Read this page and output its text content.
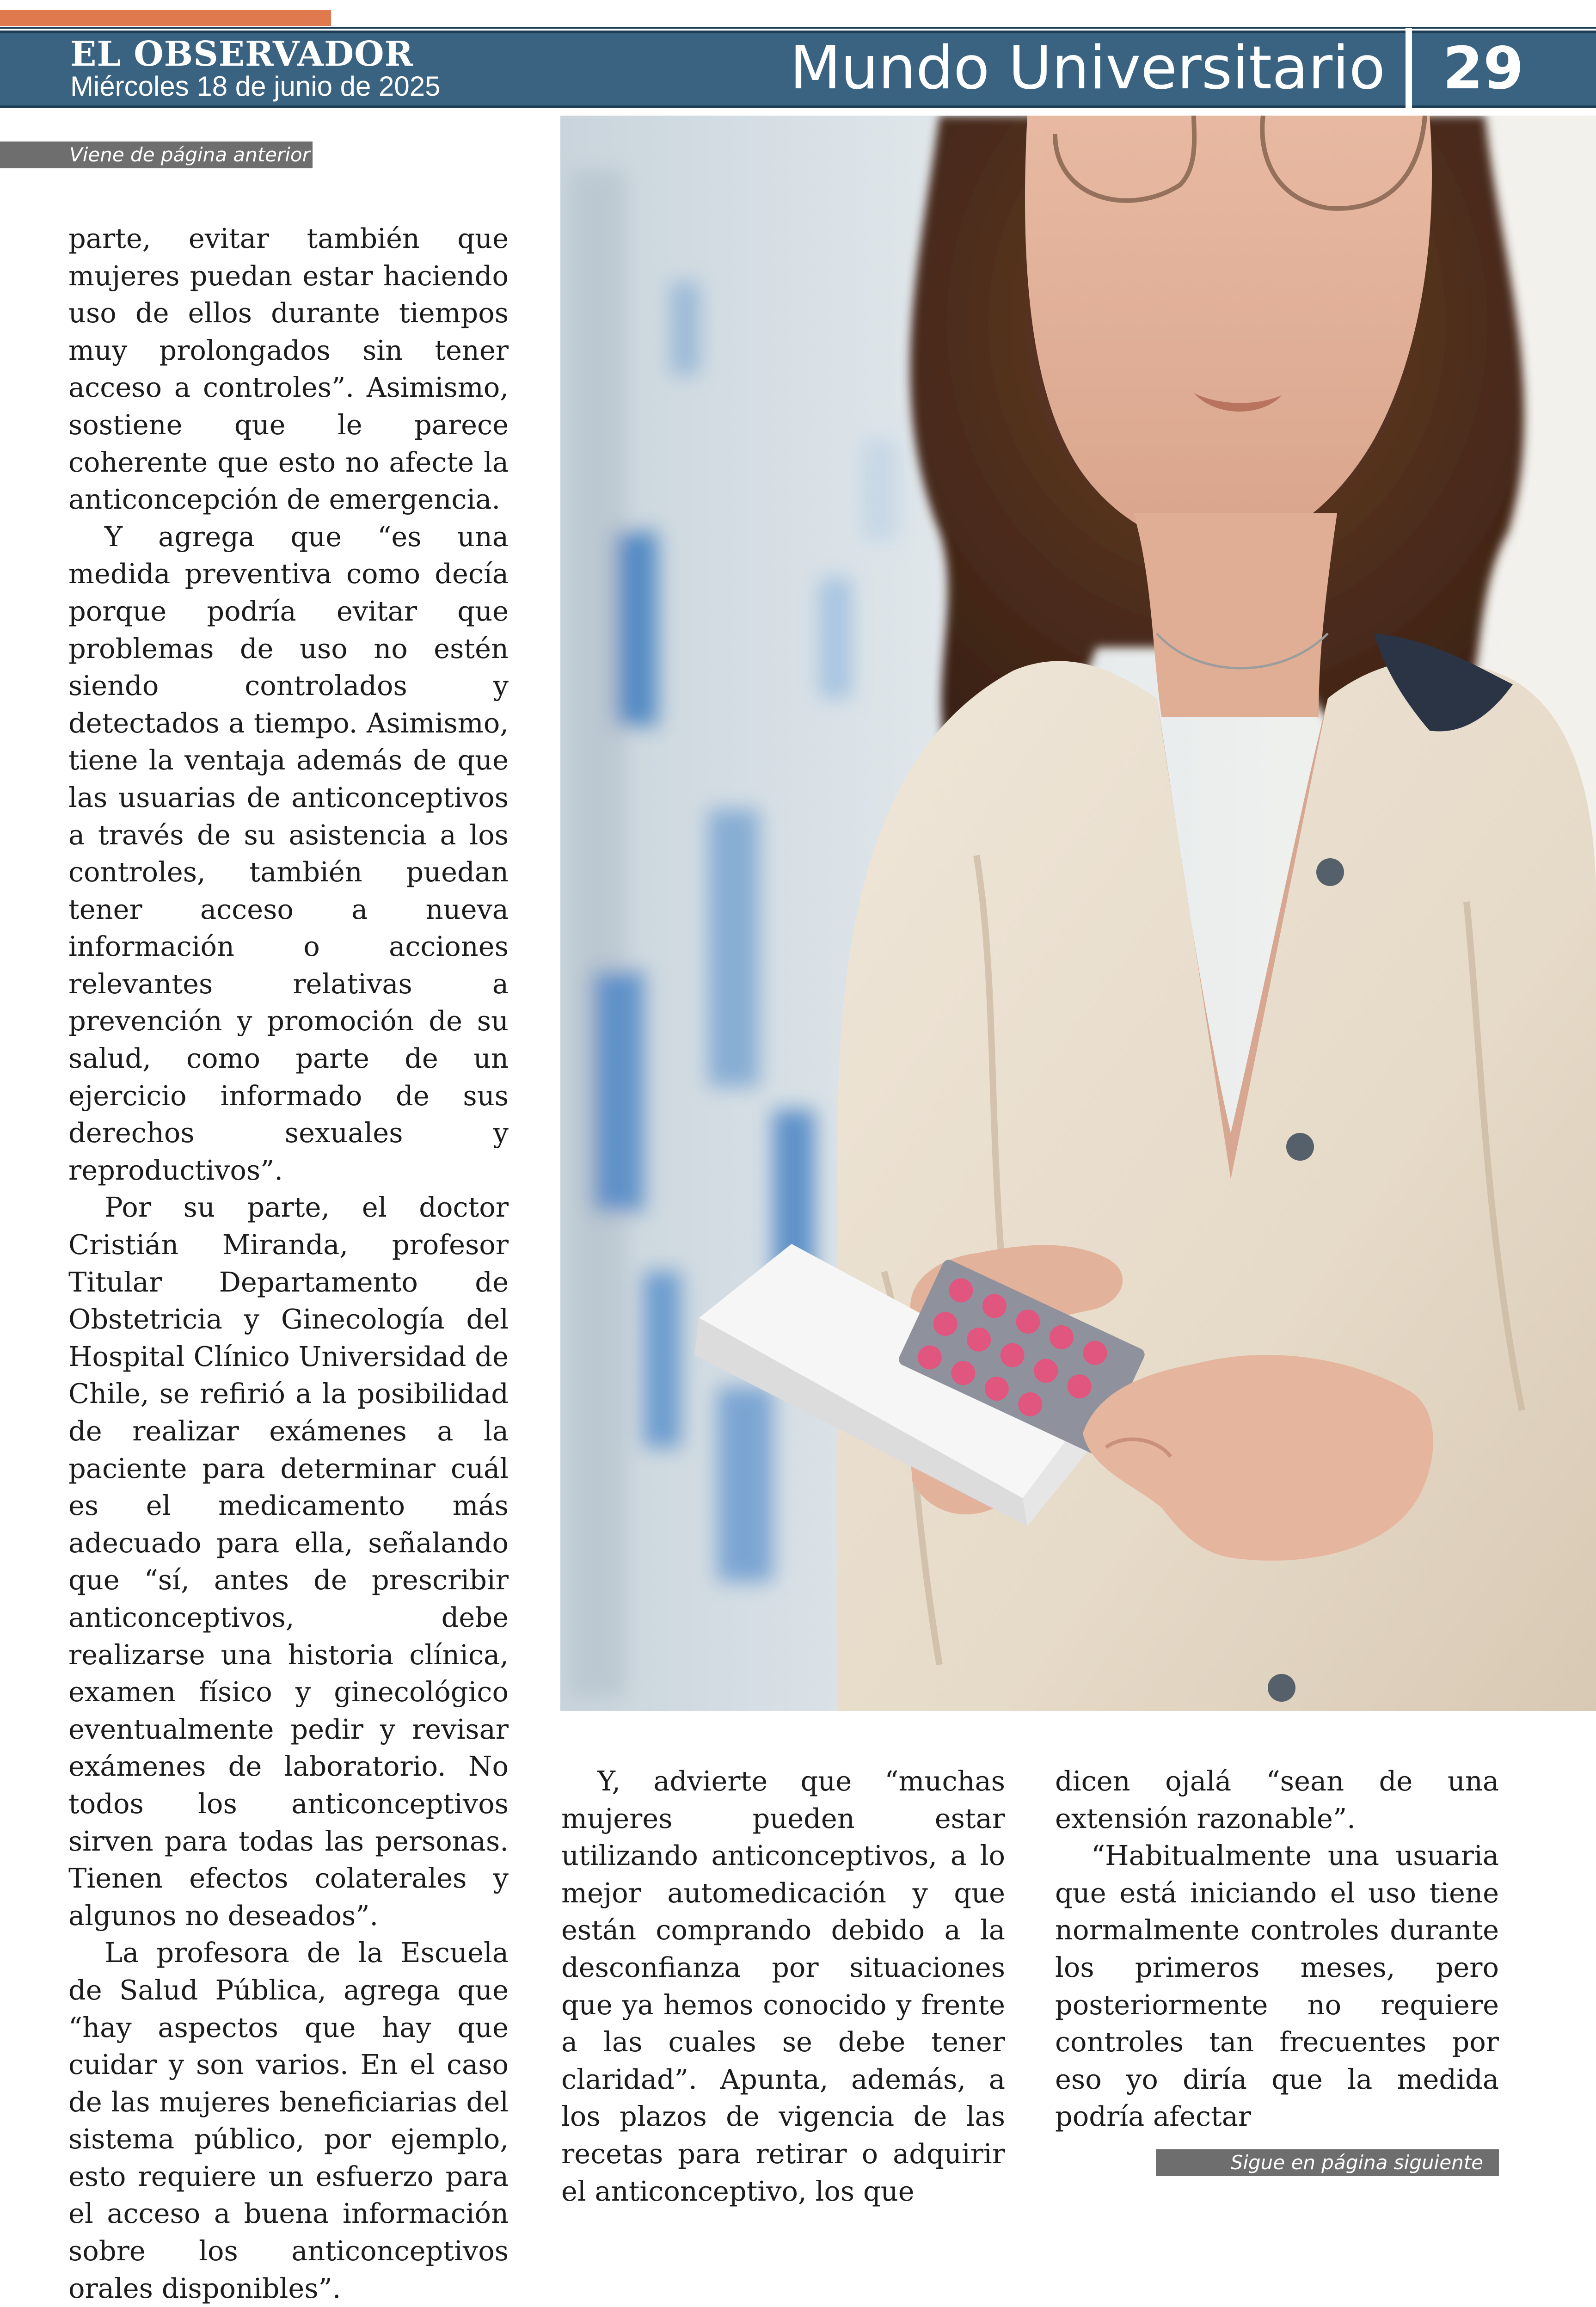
EL OBSERVADOR
Miércoles 18 de junio de 2025	Mundo Universitario 29
Viene de página anterior
Sigue en página siguiente

parte, evitar también que mujeres puedan estar haciendo uso de ellos durante tiempos muy prolongados sin tener acceso a controles”. Asimismo, sostiene que le parece coherente que esto no afecte la anticoncepción de emergencia.

Y agrega que “es una medida preventiva como decía porque podría evitar que problemas de uso no estén siendo controlados y detectados a tiempo. Asimismo, tiene la ventaja además de que las usuarias de anticonceptivos a través de su asistencia a los controles, también puedan tener acceso a nueva información o acciones relevantes relativas a prevención y promoción de su salud, como parte de un ejercicio informado de sus derechos sexuales y reproductivos”.

Por su parte, el doctor Cristián Miranda, profesor Titular Departamento de Obstetricia y Ginecología del Hospital Clínico Universidad de Chile, se refirió a la posibilidad de realizar exámenes a la paciente para determinar cuál es el medicamento más adecuado para ella, señalando que “sí, antes de prescribir anticonceptivos, debe realizarse una historia clínica, examen físico y ginecológico eventualmente pedir y revisar exámenes de laboratorio. No todos los anticonceptivos sirven para todas las personas. Tienen efectos colaterales y algunos no deseados”.

La profesora de la Escuela de Salud Pública, agrega que “hay aspectos que hay que cuidar y son varios. En el caso de las mujeres beneficiarias del sistema público, por ejemplo, esto requiere un esfuerzo para el acceso a buena información sobre los anticonceptivos orales disponibles”.

Y, advierte que “muchas mujeres pueden estar utilizando anticonceptivos, a lo mejor automedicación y que están comprando debido a la desconfianza por situaciones que ya hemos conocido y frente a las cuales se debe tener claridad”. Apunta, además, a los plazos de vigencia de las recetas para retirar o adquirir el anticonceptivo, los que

dicen ojalá “sean de una extensión razonable”.

“Habitualmente una usuaria que está iniciando el uso tiene normalmente controles durante los primeros meses, pero posteriormente no requiere controles tan frecuentes por eso yo diría que la medida podría afectar
